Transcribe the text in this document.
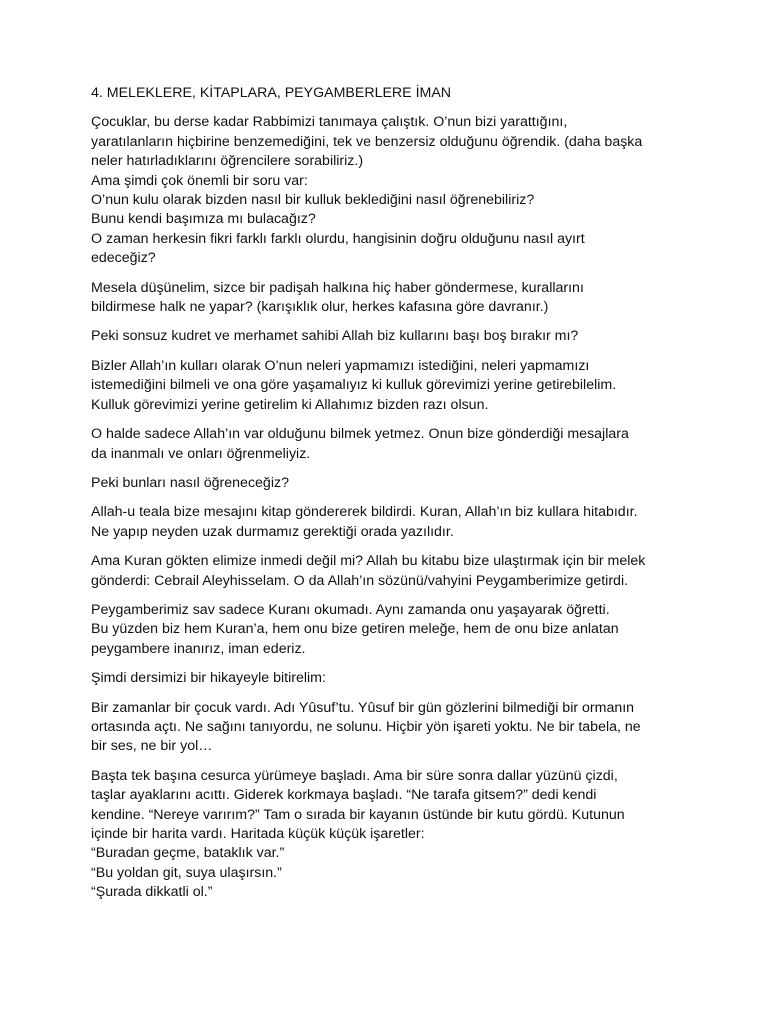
4. MELEKLERE, KİTAPLARA, PEYGAMBERLERE İMAN
Çocuklar, bu derse kadar Rabbimizi tanımaya çalıştık. O’nun bizi yarattığını,
yaratılanların hiçbirine benzemediğini, tek ve benzersiz olduğunu öğrendik. (daha başka
neler hatırladıklarını öğrencilere sorabiliriz.)
Ama şimdi çok önemli bir soru var:
O’nun kulu olarak bizden nasıl bir kulluk beklediğini nasıl öğrenebiliriz?
Bunu kendi başımıza mı bulacağız?
O zaman herkesin fikri farklı farklı olurdu, hangisinin doğru olduğunu nasıl ayırt
edeceğiz?
Mesela düşünelim, sizce bir padişah halkına hiç haber göndermese, kurallarını
bildirmese halk ne yapar? (karışıklık olur, herkes kafasına göre davranır.)
Peki sonsuz kudret ve merhamet sahibi Allah biz kullarını başı boş bırakır mı?
Bizler Allah’ın kulları olarak O’nun neleri yapmamızı istediğini, neleri yapmamızı
istemediğini bilmeli ve ona göre yaşamalıyız ki kulluk görevimizi yerine getirebilelim.
Kulluk görevimizi yerine getirelim ki Allahımız bizden razı olsun.
O halde sadece Allah’ın var olduğunu bilmek yetmez. Onun bize gönderdiği mesajlara
da inanmalı ve onları öğrenmeliyiz.
Peki bunları nasıl öğreneceğiz?
Allah-u teala bize mesajını kitap göndererek bildirdi. Kuran, Allah’ın biz kullara hitabıdır.
Ne yapıp neyden uzak durmamız gerektiği orada yazılıdır.
Ama Kuran gökten elimize inmedi değil mi? Allah bu kitabu bize ulaştırmak için bir melek
gönderdi: Cebrail Aleyhisselam. O da Allah’ın sözünü/vahyini Peygamberimize getirdi.
Peygamberimiz sav sadece Kuranı okumadı. Aynı zamanda onu yaşayarak öğretti.
Bu yüzden biz hem Kuran’a, hem onu bize getiren meleğe, hem de onu bize anlatan
peygambere inanırız, iman ederiz.
Şimdi dersimizi bir hikayeyle bitirelim:
Bir zamanlar bir çocuk vardı. Adı Yûsuf’tu. Yûsuf bir gün gözlerini bilmediği bir ormanın
ortasında açtı. Ne sağını tanıyordu, ne solunu. Hiçbir yön işareti yoktu. Ne bir tabela, ne
bir ses, ne bir yol…
Başta tek başına cesurca yürümeye başladı. Ama bir süre sonra dallar yüzünü çizdi,
taşlar ayaklarını acıttı. Giderek korkmaya başladı. “Ne tarafa gitsem?” dedi kendi
kendine. “Nereye varırım?” Tam o sırada bir kayanın üstünde bir kutu gördü. Kutunun
içinde bir harita vardı. Haritada küçük küçük işaretler:
“Buradan geçme, bataklık var.”
“Bu yoldan git, suya ulaşırsın.”
“Şurada dikkatli ol.”
